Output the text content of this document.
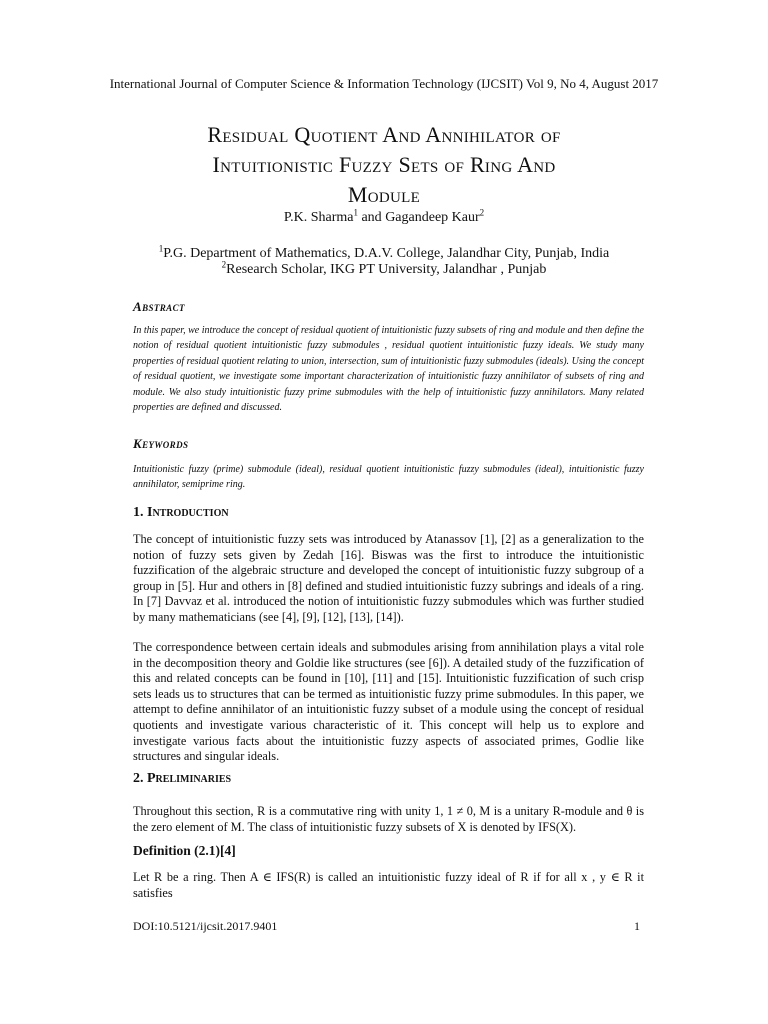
International Journal of Computer Science & Information Technology (IJCSIT) Vol 9, No 4, August 2017
Residual Quotient And Annihilator of
Intuitionistic Fuzzy Sets of Ring And
Module
P.K. Sharma$^1$ and Gagandeep Kaur$^2$
$^1$P.G. Department of Mathematics, D.A.V. College, Jalandhar City, Punjab, India
$^2$Research Scholar, IKG PT University, Jalandhar , Punjab
Abstract
In this paper, we introduce the concept of residual quotient of intuitionistic fuzzy subsets of ring and module and then define the notion of residual quotient intuitionistic fuzzy submodules , residual quotient intuitionistic fuzzy ideals. We study many properties of residual quotient relating to union, intersection, sum of intuitionistic fuzzy submodules (ideals). Using the concept of residual quotient, we investigate some important characterization of intuitionistic fuzzy annihilator of subsets of ring and module. We also study intuitionistic fuzzy prime submodules with the help of intuitionistic fuzzy annihilators. Many related properties are defined and discussed.
Keywords
Intuitionistic fuzzy (prime) submodule (ideal), residual quotient intuitionistic fuzzy submodules (ideal), intuitionistic fuzzy annihilator, semiprime ring.
1. Introduction
The concept of intuitionistic fuzzy sets was introduced by Atanassov [1], [2] as a generalization to the notion of fuzzy sets given by Zedah [16]. Biswas was the first to introduce the intuitionistic fuzzification of the algebraic structure and developed the concept of intuitionistic fuzzy subgroup of a group in [5]. Hur and others in [8] defined and studied intuitionistic fuzzy subrings and ideals of a ring. In [7] Davvaz et al. introduced the notion of intuitionistic fuzzy submodules which was further studied by many mathematicians (see [4], [9], [12], [13], [14]).
The correspondence between certain ideals and submodules arising from annihilation plays a vital role in the decomposition theory and Goldie like structures (see [6]). A detailed study of the fuzzification of this and related concepts can be found in [10], [11] and [15]. Intuitionistic fuzzification of such crisp sets leads us to structures that can be termed as intuitionistic fuzzy prime submodules. In this paper, we attempt to define annihilator of an intuitionistic fuzzy subset of a module using the concept of residual quotients and investigate various characteristic of it. This concept will help us to explore and investigate various facts about the intuitionistic fuzzy aspects of associated primes, Godlie like structures and singular ideals.
2. Preliminaries
Throughout this section, R is a commutative ring with unity 1, 1 ≠ 0, M is a unitary R-module and θ is the zero element of M. The class of intuitionistic fuzzy subsets of X is denoted by IFS(X).
Definition (2.1)[4]
Let R be a ring. Then A ∈ IFS(R) is called an intuitionistic fuzzy ideal of R if for all x , y ∈ R it satisfies
DOI:10.5121/ijcsit.2017.9401	1
